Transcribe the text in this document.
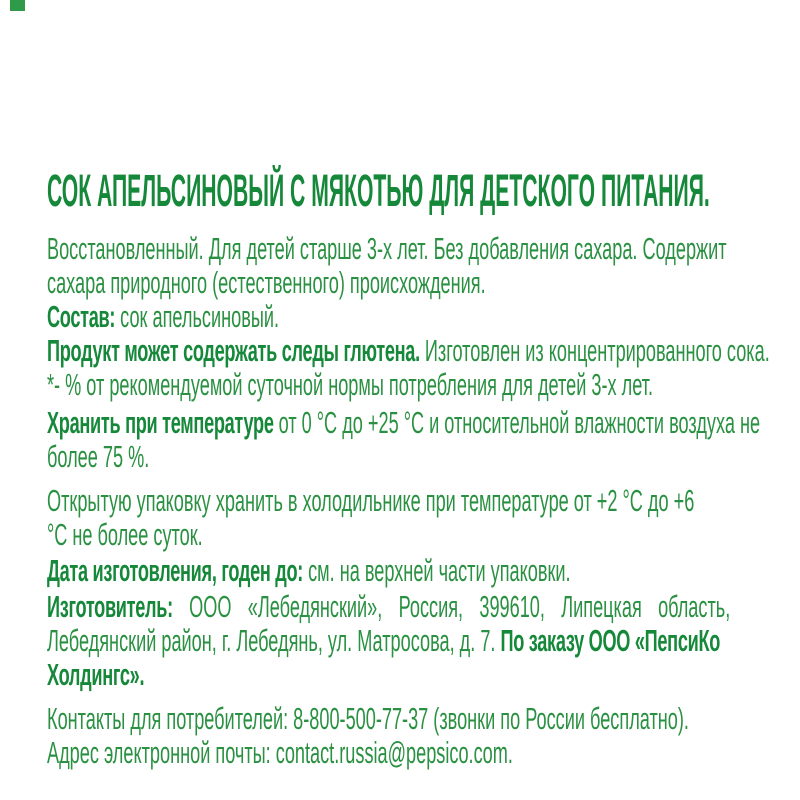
СОК АПЕЛЬСИНОВЫЙ С МЯКОТЬЮ ДЛЯ ДЕТСКОГО ПИТАНИЯ.
Восстановленный. Для детей старше 3-х лет. Без добавления сахара. Содержит
сахара природного (естественного) происхождения.
Состав: сок апельсиновый.
Продукт может содержать следы глютена. Изготовлен из концентрированного сока.
*- % от рекомендуемой суточной нормы потребления для детей 3-х лет.
Хранить при температуре от 0 °С до +25 °С и относительной влажности воздуха не
более 75 %.
Открытую упаковку хранить в холодильнике при температуре от +2 °С до +6
°С не более суток.
Дата изготовления, годен до: см. на верхней части упаковки.
Изготовитель: ООО «Лебедянский», Россия, 399610, Липецкая область,
Лебедянский район, г. Лебедянь, ул. Матросова, д. 7. По заказу ООО «ПепсиКо
Холдингс».
Контакты для потребителей: 8-800-500-77-37 (звонки по России бесплатно).
Адрес электронной почты: contact.russia@pepsico.com.
